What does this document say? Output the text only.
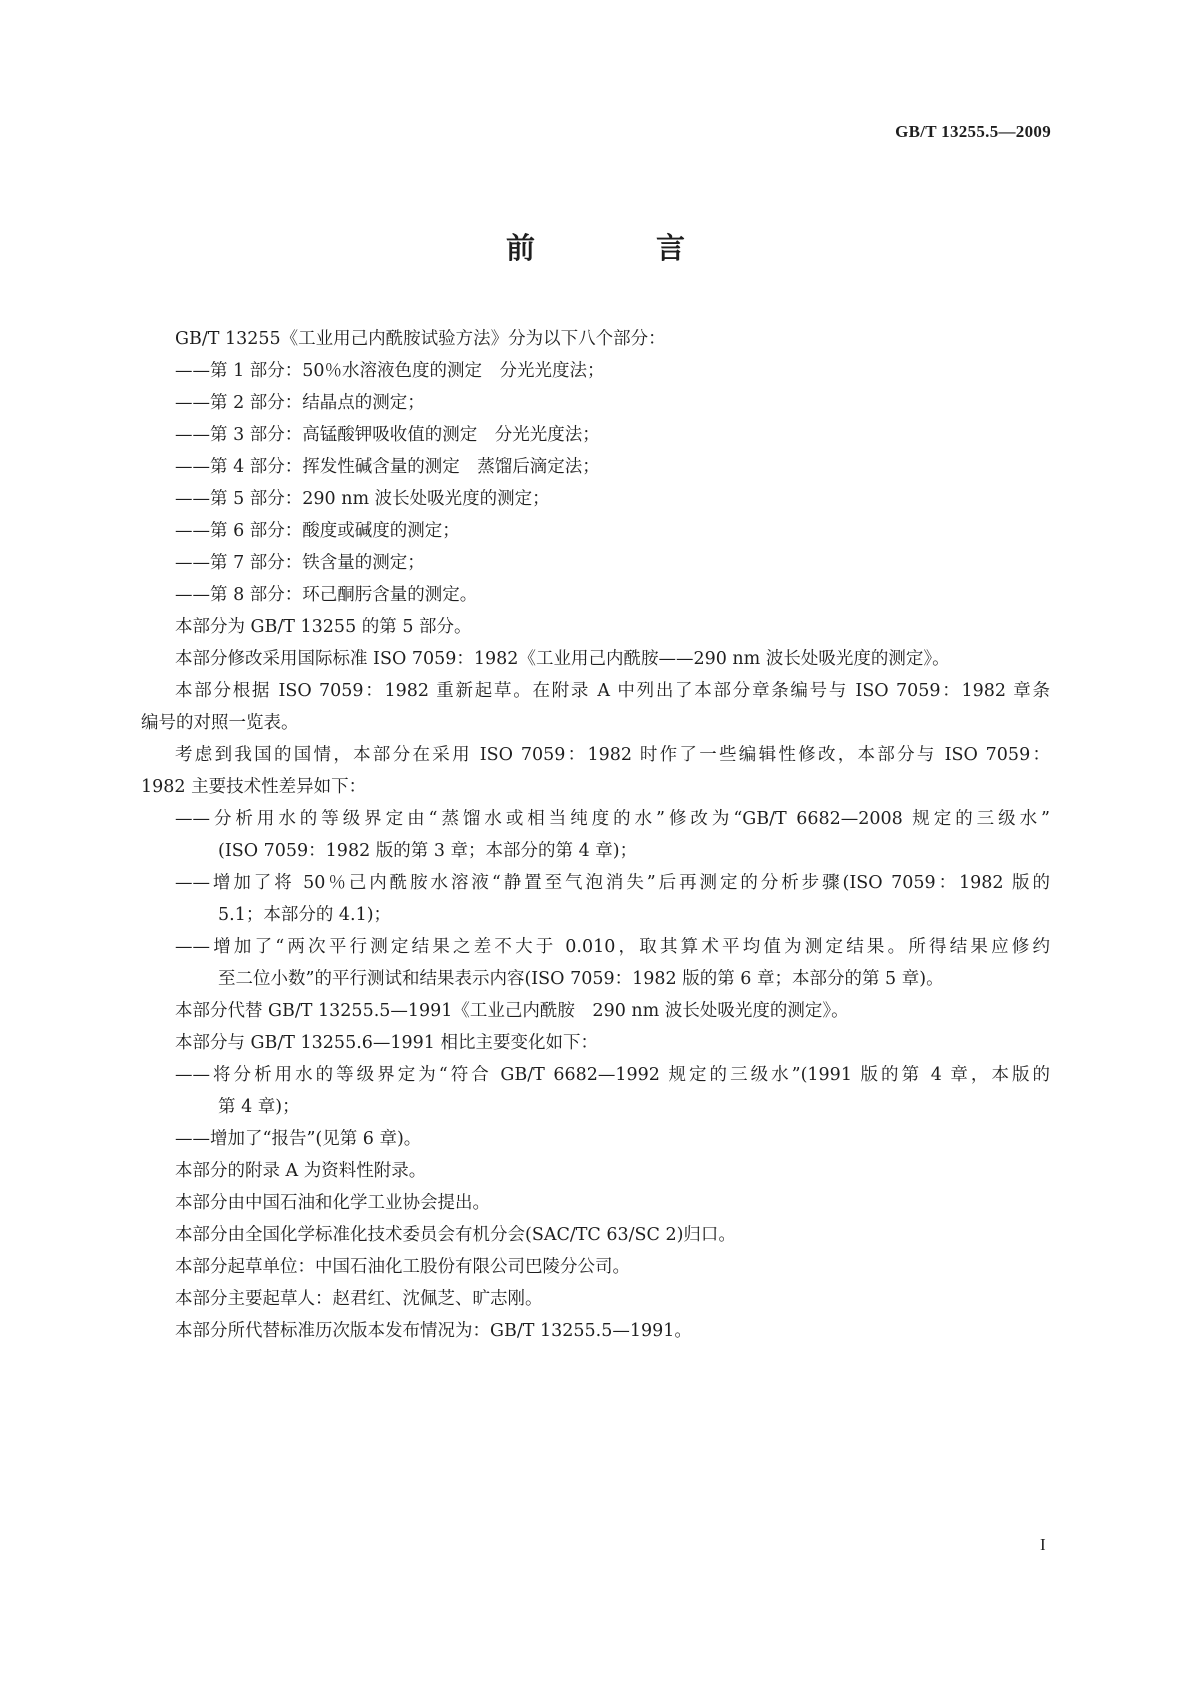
GB/T 13255.5—2009
前　言
GB/T 13255《工业用己内酰胺试验方法》分为以下八个部分：
——第 1 部分：50％水溶液色度的测定　分光光度法；
——第 2 部分：结晶点的测定；
——第 3 部分：高锰酸钾吸收值的测定　分光光度法；
——第 4 部分：挥发性碱含量的测定　蒸馏后滴定法；
——第 5 部分：290 nm 波长处吸光度的测定；
——第 6 部分：酸度或碱度的测定；
——第 7 部分：铁含量的测定；
——第 8 部分：环己酮肟含量的测定。
本部分为 GB/T 13255 的第 5 部分。
本部分修改采用国际标准 ISO 7059：1982《工业用己内酰胺——290 nm 波长处吸光度的测定》。
本部分根据 ISO 7059：1982 重新起草。在附录 A 中列出了本部分章条编号与 ISO 7059：1982 章条
编号的对照一览表。
考虑到我国的国情，本部分在采用 ISO 7059：1982 时作了一些编辑性修改，本部分与 ISO 7059：
1982 主要技术性差异如下：
——分析用水的等级界定由“蒸馏水或相当纯度的水”修改为“GB/T 6682—2008 规定的三级水”
(ISO 7059：1982 版的第 3 章；本部分的第 4 章)；
——增加了将 50％己内酰胺水溶液“静置至气泡消失”后再测定的分析步骤(ISO 7059：1982 版的
5.1；本部分的 4.1)；
——增加了“两次平行测定结果之差不大于 0.010，取其算术平均值为测定结果。所得结果应修约
至二位小数”的平行测试和结果表示内容(ISO 7059：1982 版的第 6 章；本部分的第 5 章)。
本部分代替 GB/T 13255.5—1991《工业己内酰胺　290 nm 波长处吸光度的测定》。
本部分与 GB/T 13255.6—1991 相比主要变化如下：
——将分析用水的等级界定为“符合 GB/T 6682—1992 规定的三级水”(1991 版的第 4 章，本版的
第 4 章)；
——增加了“报告”(见第 6 章)。
本部分的附录 A 为资料性附录。
本部分由中国石油和化学工业协会提出。
本部分由全国化学标准化技术委员会有机分会(SAC/TC 63/SC 2)归口。
本部分起草单位：中国石油化工股份有限公司巴陵分公司。
本部分主要起草人：赵君红、沈佩芝、旷志刚。
本部分所代替标准历次版本发布情况为：GB/T 13255.5—1991。
I
